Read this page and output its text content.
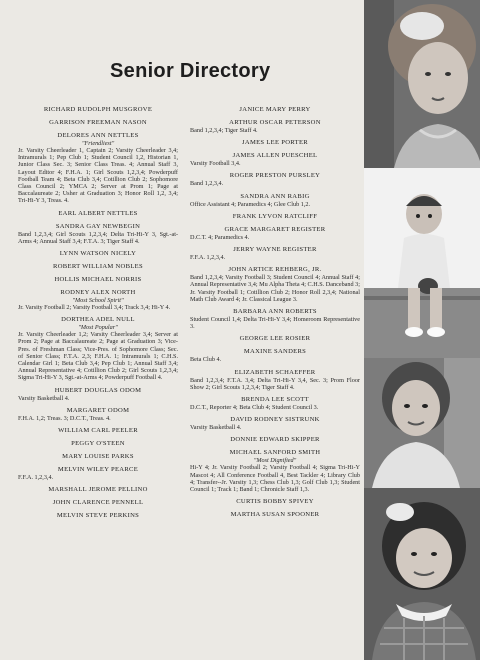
Senior Directory
RICHARD RUDOLPH MUSGROVE
GARRISON FREEMAN NASON
DELORES ANN NETTLES
"Friendliest"
Jr. Varsity Cheerleader 1, Captain 2; Varsity Cheerleader 3,4; Intramurals 1; Pep Club 1; Student Council 1,2, Historian 1, Junior Class Sec. 3; Senior Class Treas. 4; Annual Staff 3, Layout Editor 4; F.H.A. 1; Girl Scouts 1,2,3,4; Powderpuff Football Team 4; Beta Club 3,4; Cotillion Club 2; Sophomore Class Council 2; YMCA 2; Server at Prom 1; Page at Baccalaureate 2; Usher at Graduation 3; Honor Roll 1,2, 3,4; Tri-Hi-Y 3, Treas. 4.
EARL ALBERT NETTLES
SANDRA GAY NEWBEGIN
Band 1,2,3,4; Girl Scouts 1,2,3,4; Delta Tri-Hi-Y 3, Sgt.-at-Arms 4; Annual Staff 3,4; F.T.A. 3; Tiger Staff 4.
LYNN WATSON NICELY
ROBERT WILLIAM NOBLES
HOLLIS MICHAEL NORRIS
RODNEY ALEX NORTH
"Most School Spirit"
Jr. Varsity Football 2; Varsity Football 3,4; Track 3,4; Hi-Y 4.
DORTHEA ADEL NULL
"Most Popular"
Jr. Varsity Cheerleader 1,2; Varsity Cheerleader 3,4; Server at Prom 2; Page at Baccalaureate 2; Page at Graduation 3; Vice-Pres. of Freshman Class; Vice-Pres. of Sophomore Class; Sec. of Senior Class; F.T.A. 2,3; F.H.A. 1; Intramurals 1; C.H.S. Calendar Girl 1; Beta Club 3,4; Pep Club 1; Annual Staff 3,4; Annual Representative 4; Cotillion Club 2; Girl Scouts 1,2,3,4; Sigma Tri-Hi-Y 3, Sgt.-at-Arms 4; Powderpuff Football 4.
HUBERT DOUGLAS ODOM
Varsity Basketball 4.
MARGARET ODOM
F.H.A. 1,2; Treas. 3; D.C.T., Treas. 4.
WILLIAM CARL PEELER
PEGGY O'STEEN
MARY LOUISE PARKS
MELVIN WILEY PEARCE
F.F.A. 1,2,3,4.
MARSHALL JEROME PELLINO
JOHN CLARENCE PENNELL
MELVIN STEVE PERKINS
JANICE MARY PERRY
ARTHUR OSCAR PETERSON
Band 1,2,3,4; Tiger Staff 4.
JAMES LEE PORTER
JAMES ALLEN PUESCHEL
Varsity Football 3,4.
ROGER PRESTON PURSLEY
Band 1,2,3,4.
SANDRA ANN RABIG
Office Assistant 4; Paramedics 4; Glee Club 1,2.
FRANK LYVON RATCLIFF
GRACE MARGARET REGISTER
D.C.T. 4; Paramedics 4.
JERRY WAYNE REGISTER
F.F.A. 1,2,3,4.
JOHN ARTICE REHBERG, JR.
Band 1,2,3,4; Varsity Football 3; Student Council 4; Annual Staff 4; Annual Representative 3,4; Mu Alpha Theta 4; C.H.S. Danceband 3; Jr. Varsity Football 1; Cotillion Club 2; Honor Roll 2,3,4; National Math Club Award 4; Jr. Classical League 3.
BARBARA ANN ROBERTS
Student Council 1,4; Delta Tri-Hi-Y 3,4; Homeroom Representative 3.
GEORGE LEE ROSIER
MAXINE SANDERS
Beta Club 4.
ELIZABETH SCHAEFFER
Band 1,2,3,4; F.T.A. 3,4; Delta Tri-Hi-Y 3,4, Sec. 3; Prom Floor Show 2; Girl Scouts 1,2,3,4; Tiger Staff 4.
BRENDA LEE SCOTT
D.C.T., Reporter 4; Beta Club 4; Student Council 3.
DAVID RODNEY SISTRUNK
Varsity Basketball 4.
DONNIE EDWARD SKIPPER
MICHAEL SANFORD SMITH
"Most Dignified"
Hi-Y 4; Jr. Varsity Football 2; Varsity Football 4; Sigma Tri-Hi-Y Mascot 4; All Conference Football 4, Best Tackler 4; Library Club 4; Transfer--Jr. Varsity 1,3; Chess Club 1,3; Golf Club 1,3; Student Council 1; Track 1; Band 1; Chronicle Staff 1,3.
CURTIS BOBBY SPIVEY
MARTHA SUSAN SPOONER
